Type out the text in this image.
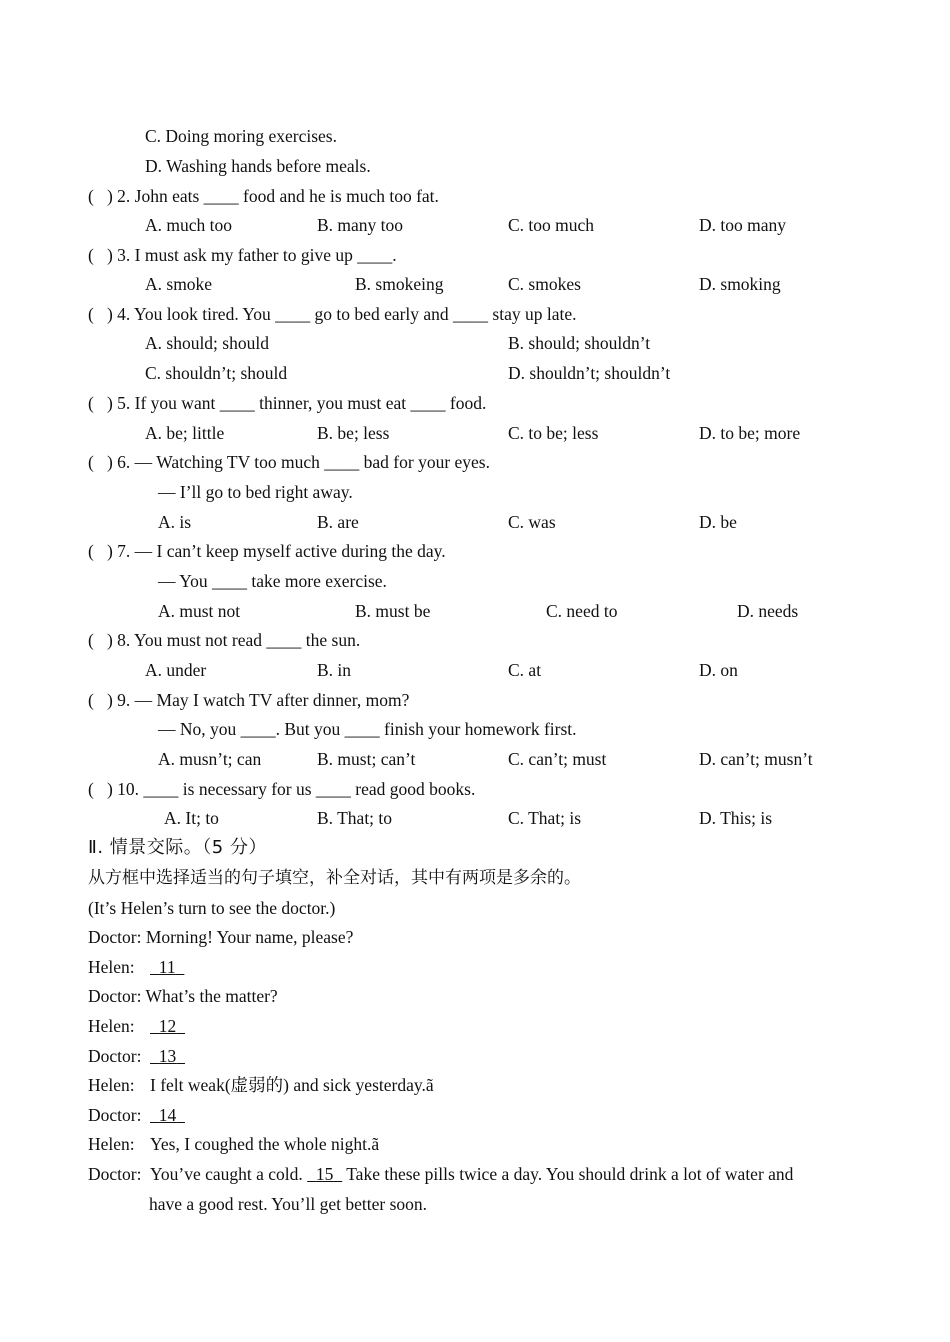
C. Doing moring exercises.
D. Washing hands before meals.
(   ) 2. John eats ____ food and he is much too fat.
A. much too	B. many too	C. too much	D. too many
(   ) 3. I must ask my father to give up ____.
A. smoke	B. smokeing	C. smokes	D. smoking
(   ) 4. You look tired. You ____ go to bed early and ____ stay up late.
A. should; should	B. should; shouldn’t
C. shouldn’t; should	D. shouldn’t; shouldn’t
(   ) 5. If you want ____ thinner, you must eat ____ food.
A. be; little	B. be; less	C. to be; less	D. to be; more
(   ) 6. — Watching TV too much ____ bad for your eyes.
— I’ll go to bed right away.
A. is	B. are	C. was	D. be
(   ) 7. — I can’t keep myself active during the day.
— You ____ take more exercise.
A. must not	B. must be	C. need to	D. needs
(   ) 8. You must not read ____ the sun.
A. under	B. in	C. at	D. on
(   ) 9. — May I watch TV after dinner, mom?
— No, you ____. But you ____ finish your homework first.
A. musn’t; can	B. must; can’t	C. can’t; must	D. can’t; musn’t
(   ) 10. ____ is necessary for us ____ read good books.
A. It; to	B. That; to	C. That; is	D. This; is
Ⅱ. 情景交际。（5 分）
从方框中选择适当的句子填空，补全对话，其中有两项是多余的。
(It’s Helen’s turn to see the doctor.)
Doctor: Morning! Your name, please?
Helen: 11
Doctor: What’s the matter?
Helen: 12
Doctor: 13
Helen: I felt weak(虚弱的) and sick yesterday.ã
Doctor: 14
Helen: Yes, I coughed the whole night.ã
Doctor: You’ve caught a cold. 15 Take these pills twice a day. You should drink a lot of water and
have a good rest. You’ll get better soon.
